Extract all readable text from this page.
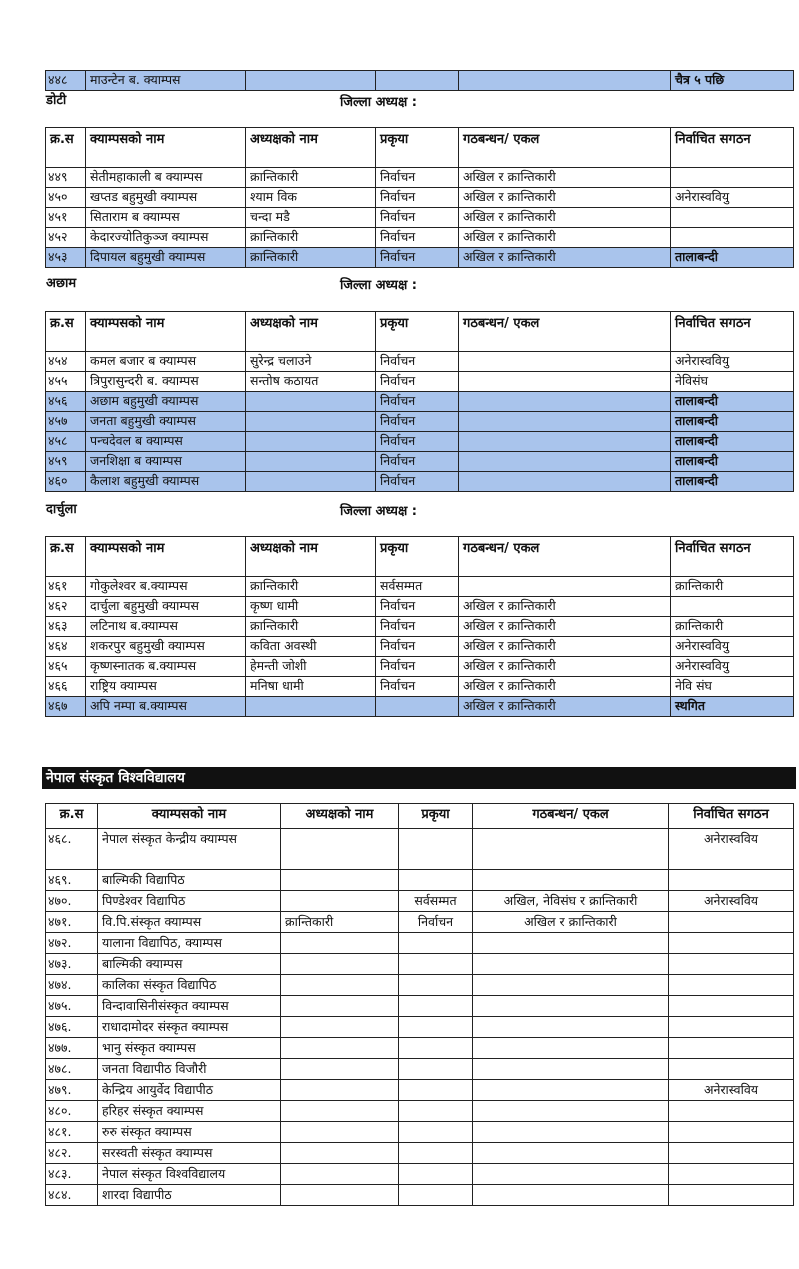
४४८	माउन्टेन ब. क्याम्पस				चैत्र ५ पछि
डोटी	जिल्ला अध्यक्ष :
अछाम	जिल्ला अध्यक्ष :
दार्चुला	जिल्ला अध्यक्ष :
क्र.स	क्याम्पसको नाम	अध्यक्षको नाम	प्रकृया	गठबन्धन/ एकल	निर्वाचित सगठन
४४९	सेतीमहाकाली ब क्याम्पस	क्रान्तिकारी	निर्वाचन	अखिल र क्रान्तिकारी	
४५०	खप्तड बहुमुखी क्याम्पस	श्याम विक	निर्वाचन	अखिल र क्रान्तिकारी	अनेरास्ववियु
४५१	सिताराम ब क्याम्पस	चन्दा मडै	निर्वाचन	अखिल र क्रान्तिकारी	
४५२	केदारज्योतिकुञ्ज क्याम्पस	क्रान्तिकारी	निर्वाचन	अखिल र क्रान्तिकारी	
४५३	दिपायल बहुमुखी क्याम्पस	क्रान्तिकारी	निर्वाचन	अखिल र क्रान्तिकारी	तालाबन्दी
क्र.स	क्याम्पसको नाम	अध्यक्षको नाम	प्रकृया	गठबन्धन/ एकल	निर्वाचित सगठन
४५४	कमल बजार ब क्याम्पस	सुरेन्द्र चलाउने	निर्वाचन		अनेरास्ववियु
४५५	त्रिपुरासुन्दरी ब. क्याम्पस	सन्तोष कठायत	निर्वाचन		नेविसंघ
४५६	अछाम बहुमुखी क्याम्पस		निर्वाचन		तालाबन्दी
४५७	जनता बहुमुखी क्याम्पस		निर्वाचन		तालाबन्दी
४५८	पन्चदेवल ब क्याम्पस		निर्वाचन		तालाबन्दी
४५९	जनशिक्षा ब क्याम्पस		निर्वाचन		तालाबन्दी
४६०	कैलाश बहुमुखी क्याम्पस		निर्वाचन		तालाबन्दी
क्र.स	क्याम्पसको नाम	अध्यक्षको नाम	प्रकृया	गठबन्धन/ एकल	निर्वाचित सगठन
४६१	गोकुलेश्वर ब.क्याम्पस	क्रान्तिकारी	सर्वसम्मत		क्रान्तिकारी
४६२	दार्चुला बहुमुखी क्याम्पस	कृष्ण धामी	निर्वाचन	अखिल र क्रान्तिकारी	
४६३	लटिनाथ ब.क्याम्पस	क्रान्तिकारी	निर्वाचन	अखिल र क्रान्तिकारी	क्रान्तिकारी
४६४	शकरपुर बहुमुखी क्याम्पस	कविता अवस्थी	निर्वाचन	अखिल र क्रान्तिकारी	अनेरास्ववियु
४६५	कृष्णस्नातक ब.क्याम्पस	हेमन्ती जोशी	निर्वाचन	अखिल र क्रान्तिकारी	अनेरास्ववियु
४६६	राष्ट्रिय क्याम्पस	मनिषा धामी	निर्वाचन	अखिल र क्रान्तिकारी	नेवि संघ
४६७	अपि नम्पा ब.क्याम्पस			अखिल र क्रान्तिकारी	स्थगित
नेपाल संस्कृत विश्वविद्यालय
क्र.स	क्याम्पसको नाम	अध्यक्षको नाम	प्रकृया	गठबन्धन/ एकल	निर्वाचित सगठन
४६८.	नेपाल संस्कृत केन्द्रीय क्याम्पस				अनेरास्वविय
४६९.	बाल्मिकी विद्यापिठ				
४७०.	पिण्डेश्वर विद्यापिठ		सर्वसम्मत	अखिल, नेविसंघ र क्रान्तिकारी	अनेरास्वविय
४७१.	वि.पि.संस्कृत क्याम्पस	क्रान्तिकारी	निर्वाचन	अखिल र क्रान्तिकारी	
४७२.	यालाना विद्यापिठ, क्याम्पस				
४७३.	बाल्मिकी क्याम्पस				
४७४.	कालिका संस्कृत विद्यापिठ				
४७५.	विन्दावासिनीसंस्कृत क्याम्पस				
४७६.	राधादामोदर संस्कृत क्याम्पस				
४७७.	भानु संस्कृत क्याम्पस				
४७८.	जनता विद्यापीठ विजौरी				
४७९.	केन्द्रिय आयुर्वेद विद्यापीठ				अनेरास्वविय
४८०.	हरिहर संस्कृत क्याम्पस				
४८१.	रुरु संस्कृत क्याम्पस				
४८२.	सरस्वती संस्कृत क्याम्पस				
४८३.	नेपाल संस्कृत विश्वविद्यालय				
४८४.	शारदा विद्यापीठ				
